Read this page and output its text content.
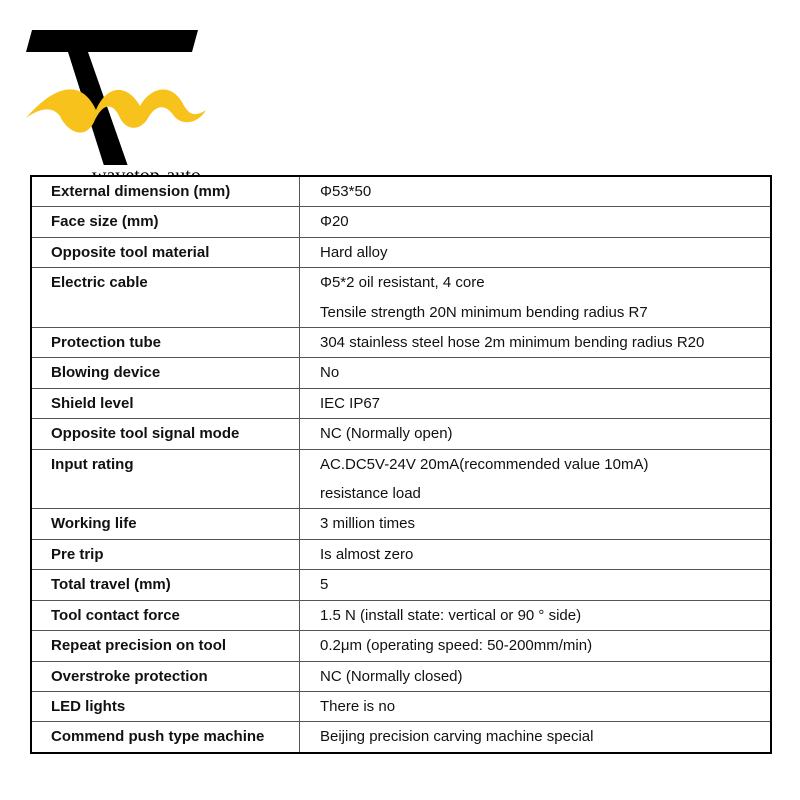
External dimension (mm)	Φ53*50
Face size (mm)	Φ20
Opposite tool material	Hard alloy
Electric cable	Φ5*2 oil resistant, 4 core
Tensile strength 20N minimum bending radius R7
Protection tube	304 stainless steel hose 2m minimum bending radius R20
Blowing device	No
Shield level	IEC IP67
Opposite tool signal mode	NC (Normally open)
Input rating	AC.DC5V-24V 20mA(recommended value 10mA)
resistance load
Working life	3 million times
Pre trip	Is almost zero
Total travel (mm)	5
Tool contact force	1.5 N (install state: vertical or 90 ° side)
Repeat precision on tool	0.2μm (operating speed: 50-200mm/min)
Overstroke protection	NC (Normally closed)
LED lights	There is no
Commend push type machine	Beijing precision carving machine special
